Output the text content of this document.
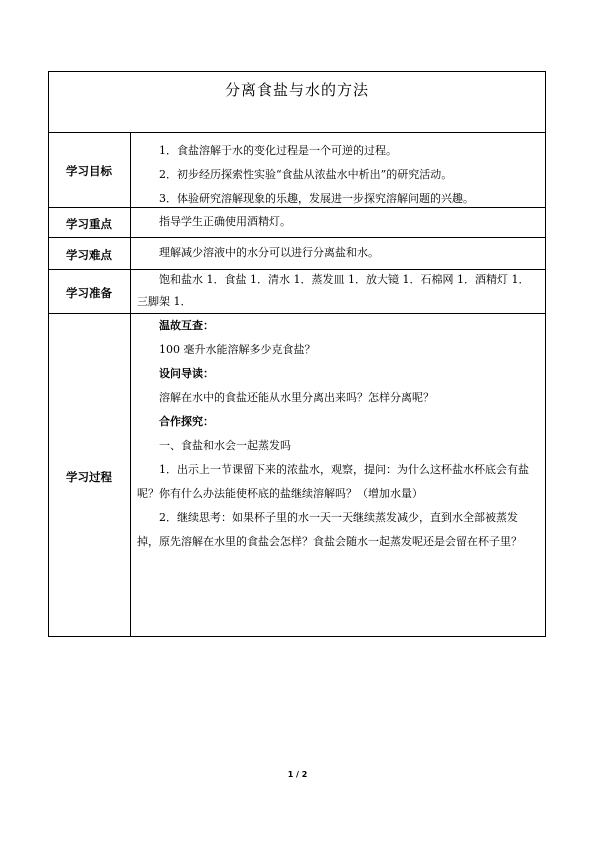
分离食盐与水的方法
学习目标

1．食盐溶解于水的变化过程是一个可逆的过程。

2．初步经历探索性实验“食盐从浓盐水中析出”的研究活动。

3．体验研究溶解现象的乐趣，发展进一步探究溶解问题的兴趣。

学习重点	指导学生正确使用酒精灯。

学习难点	理解减少溶液中的水分可以进行分离盐和水。

学习准备

饱和盐水 1．食盐 1．清水 1．蒸发皿 1．放大镜 1．石棉网 1．酒精灯 1．三脚架 1．

学习过程

温故互查：

100 毫升水能溶解多少克食盐？

设问导读：

溶解在水中的食盐还能从水里分离出来吗？怎样分离呢？

合作探究：

一、食盐和水会一起蒸发吗

1．出示上一节课留下来的浓盐水，观察，提问：为什么这杯盐水杯底会有盐呢？你有什么办法能使杯底的盐继续溶解吗？（增加水量）

2．继续思考：如果杯子里的水一天一天继续蒸发减少，直到水全部被蒸发掉，原先溶解在水里的食盐会怎样？食盐会随水一起蒸发呢还是会留在杯子里？

1 / 2
